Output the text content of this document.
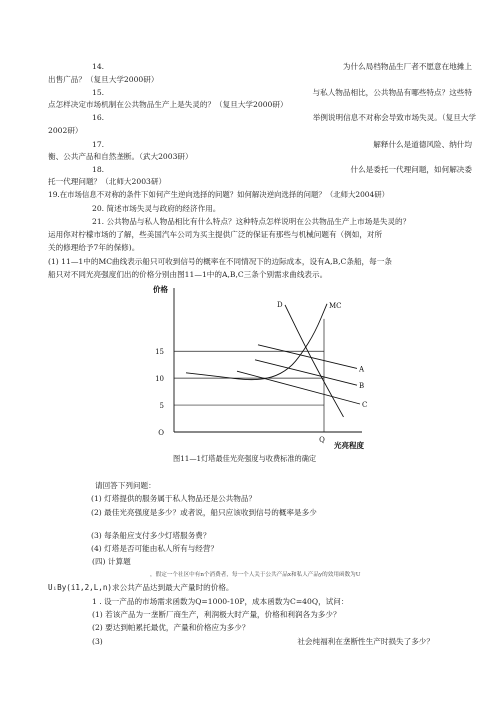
14.	为什么局档物品生厂者不愿意在地摊上
出售广品？（复旦大学2000研）
15.	与私人物品相比，公共物品有哪些特点？这些特
点怎样决定市场机制在公共物品生产上是失灵的？（复旦大学2000研）
16.	举例说明信息不对称会导致市场失灵。（复旦大学
2002研）
17.	解释什么是道德风险、纳什均
衡、公共产品和自然垄断。（武大2003研）
18.	什么是委托一代理问题，如何解决委
托一代理问题？（北师大2003研）
19.在市场信息不对称的条件下如何产生逆向选择的问题？如何解决逆向选择的问题？（北师大2004研）
20. 简述市场失灵与政府的经济作用。
21. 公共物品与私人物品相比有什么特点？这种特点怎样说明在公共物品生产上市场是失灵的？
运用你对柠檬市场的了解，些美国汽车公司为买主提供广泛的保证有那些与机械问题有（例如，对所
关的修理给予7年的保修)。
(1) 11—1中的MC曲线表示船只可收到信号的概率在不同情况下的边际成本，设有A,B,C条船，每一条
船只对不同光亮强度们出的价格分别由图11—1中的A,B,C三条个别需求曲线表示。
价格
光亮程度
O
5
10
15
Q
D	MC
A
B
C
图11—1灯塔最佳光亮强度与收费标准的确定
请回答下列问题：
(1) 灯塔提供的服务属于私人物品还是公共物品？
(2) 最佳光亮强度是多少？或者说，船只应该收到信号的概率是多少
(3) 每条船应支付多少灯塔服务费？
(4) 灯塔是否可能由私人所有与经营？
(四) 计算题
，假定一个社区中有n个消费者，每一个人关于公共产品x和私人产品y的效用函数为U
UᵢBy(i1,2,L,n)求公共产品达到最大产量时的价格。
1 . 设一产品的市场需求函数为Q=1000-10P，成本函数为C=40Q，试问：
(1) 若该产品为一垄断厂商生产，利润极大时产量，价格和利润各为多少？
(2) 要达到帕累托最优，产量和价格应为多少？
(3)	社会纯福利在垄断性生产时损失了多少？
